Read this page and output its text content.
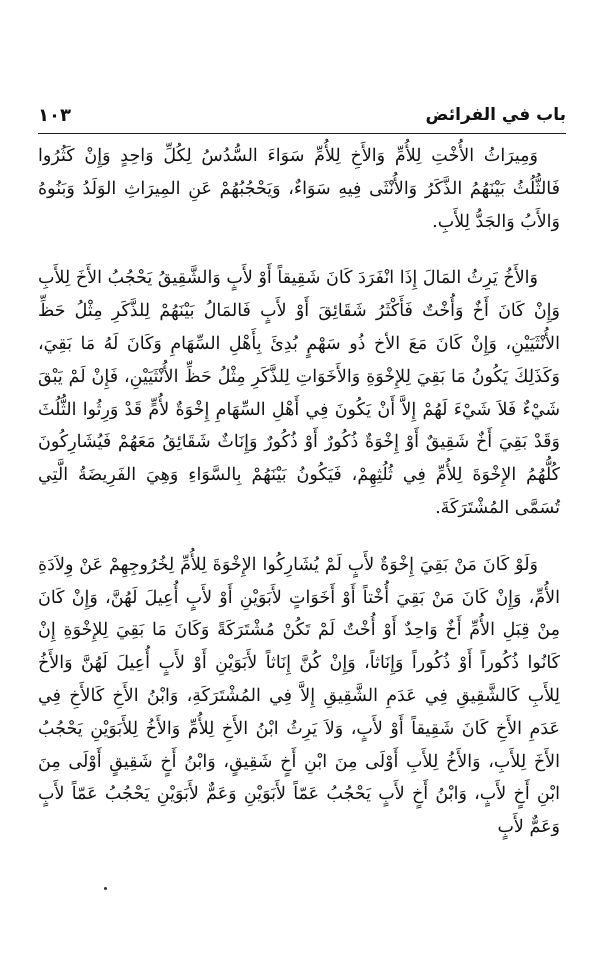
باب في الفرائض
١٠٣

وَمِيرَاثُ الأُخْتِ لِلأُمِّ وَالأَخِ لِلأُمِّ سَوَاءَ السُّدُسُ لِكُلِّ وَاحِدٍ وَإِنْ كَثُرُوا فَالثُّلُثُ بَيْنَهُمُ الذَّكَرُ وَالأُنْثَى فِيهِ سَوَاءٌ، وَيَحْجُبُهُمْ عَنِ المِيرَاثِ الوَلَدُ وَبَنُوهُ وَالأَبُ وَالجَدُّ لِلأَبِ.

وَالأَخُ يَرِثُ المَالَ إِذَا انْفَرَدَ كَانَ شَقِيقاً أَوْ لأَبٍ وَالشَّقِيقُ يَحْجُبُ الأَخَ لِلأَبِ وَإِنْ كَانَ أَخٌ وَأُخْتٌ فَأَكْثَرُ شَقَائِقَ أَوْ لأَبٍ فَالمَالُ بَيْنَهُمْ لِلذَّكَرِ مِثْلُ حَظِّ الأُنْثَيَيْنِ، وَإِنْ كَانَ مَعَ الأخ ذُو سَهْمٍ بُدِئَ بِأَهْلِ السِّهَامِ وَكَانَ لَهُ مَا بَقِيَ، وَكَذَلِكَ يَكُونُ مَا بَقِيَ لِلإِخْوَةِ وَالأَخَوَاتِ لِلذَّكَرِ مِثْلُ حَظِّ الأُنْثَيَيْنِ، فَإِنْ لَمْ يَبْقَ شَيْءٌ فَلاَ شَيْءَ لَهُمْ إِلاَّ أَنْ يَكُونَ فِي أَهْلِ السِّهَامِ إِخْوَةٌ لأُمٍّ قَدْ وَرِثُوا الثُّلُثَ وَقَدْ بَقِيَ أَخٌ شَقِيقٌ أَوْ إِخْوَةٌ ذُكُورٌ أَوْ ذُكُورٌ وَإِنَاثٌ شَقَائِقُ مَعَهُمْ فَيُشَارِكُونَ كُلُّهُمُ الإِخْوَةَ لِلأُمِّ فِي ثُلُثِهِمْ، فَيَكُونُ بَيْنَهُمْ بِالسَّوَاءِ وَهِيَ الفَرِيضَةُ الَّتِي تُسَمَّى المُشْتَرَكَةَ.

وَلَوْ كَانَ مَنْ بَقِيَ إِخْوَةٌ لأَبٍ لَمْ يُشَارِكُوا الإِخْوَةَ لِلأُمِّ لِخُرُوجِهِمْ عَنْ وِلاَدَةِ الأُمِّ، وَإِنْ كَانَ مَنْ بَقِيَ أُخْتاً أَوْ أَخَوَاتٍ لأَبَوَيْنِ أَوْ لأَبٍ أُعِيلَ لَهُنَّ، وَإِنْ كَانَ مِنْ قِبَلِ الأُمِّ أَخٌ وَاحِدٌ أَوْ أُخْتٌ لَمْ تَكُنْ مُشْتَرَكَةً وَكَانَ مَا بَقِيَ لِلإِخْوَةِ إِنْ كَانُوا ذُكُوراً أَوْ ذُكُوراً وَإِنَاثاً، وَإِنْ كُنَّ إِنَاثاً لأَبَوَيْنِ أَوْ لأَبٍ أُعِيلَ لَهُنَّ وَالأَخُ لِلأَبِ كَالشَّقِيقِ فِي عَدَمِ الشَّقِيقِ إِلاَّ فِي المُشْتَرَكَةِ، وَابْنُ الأَخِ كَالأَخِ فِي عَدَمِ الأَخِ كَانَ شَقِيقاً أَوْ لأَبٍ، وَلاَ يَرِثُ ابْنُ الأَخِ لِلأُمِّ وَالأَخُ لِلأَبَوَيْنِ يَحْجُبُ الأَخَ لِلأَبِ، وَالأَخُ لِلأَبِ أَوْلَى مِنَ ابْنِ أَخٍ شَقِيقٍ، وَابْنُ أَخٍ شَقِيقٍ أَوْلَى مِنَ ابْنِ أَخٍ لأَبٍ، وَابْنُ أَخٍ لأَبٍ يَحْجُبُ عَمّاً لأَبَوَيْنِ وَعَمٌّ لأَبَوَيْنِ يَحْجُبُ عَمّاً لأَبٍ وَعَمٌّ لأَبٍ
